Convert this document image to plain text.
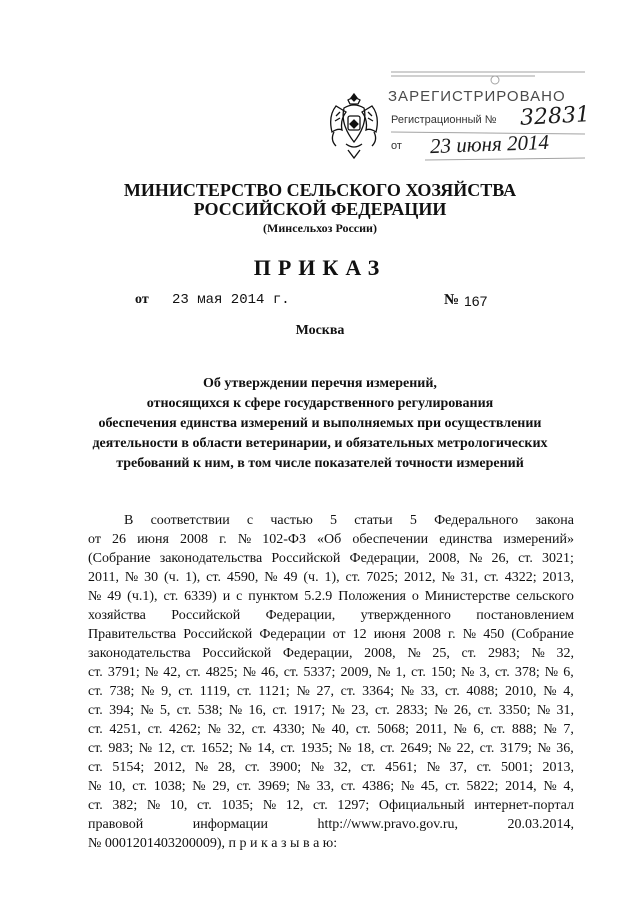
ЗАРЕГИСТРИРОВАНО
Регистрационный № 32831
от 23 июня 2014
МИНИСТЕРСТВО СЕЛЬСКОГО ХОЗЯЙСТВА
РОССИЙСКОЙ ФЕДЕРАЦИИ
(Минсельхоз России)
ПРИКАЗ
от 23 мая 2014 г.	№ 167
Москва
Об утверждении перечня измерений,
относящихся к сфере государственного регулирования
обеспечения единства измерений и выполняемых при осуществлении
деятельности в области ветеринарии, и обязательных метрологических
требований к ним, в том числе показателей точности измерений
В соответствии с частью 5 статьи 5 Федерального закона
от 26 июня 2008 г. № 102-ФЗ «Об обеспечении единства измерений»
(Собрание законодательства Российской Федерации, 2008, № 26, ст. 3021;
2011, № 30 (ч. 1), ст. 4590, № 49 (ч. 1), ст. 7025; 2012, № 31, ст. 4322; 2013,
№ 49 (ч.1), ст. 6339) и с пунктом 5.2.9 Положения о Министерстве сельского
хозяйства Российской Федерации, утвержденного постановлением
Правительства Российской Федерации от 12 июня 2008 г. № 450 (Собрание
законодательства Российской Федерации, 2008, № 25, ст. 2983; № 32,
ст. 3791; № 42, ст. 4825; № 46, ст. 5337; 2009, № 1, ст. 150; № 3, ст. 378; № 6,
ст. 738; № 9, ст. 1119, ст. 1121; № 27, ст. 3364; № 33, ст. 4088; 2010, № 4,
ст. 394; № 5, ст. 538; № 16, ст. 1917; № 23, ст. 2833; № 26, ст. 3350; № 31,
ст. 4251, ст. 4262; № 32, ст. 4330; № 40, ст. 5068; 2011, № 6, ст. 888; № 7,
ст. 983; № 12, ст. 1652; № 14, ст. 1935; № 18, ст. 2649; № 22, ст. 3179; № 36,
ст. 5154; 2012, № 28, ст. 3900; № 32, ст. 4561; № 37, ст. 5001; 2013,
№ 10, ст. 1038; № 29, ст. 3969; № 33, ст. 4386; № 45, ст. 5822; 2014, № 4,
ст. 382; № 10, ст. 1035; № 12, ст. 1297; Официальный интернет-портал
правовой	информации	http://www.pravo.gov.ru,	20.03.2014,
№ 0001201403200009), п р и к а з ы в а ю:
